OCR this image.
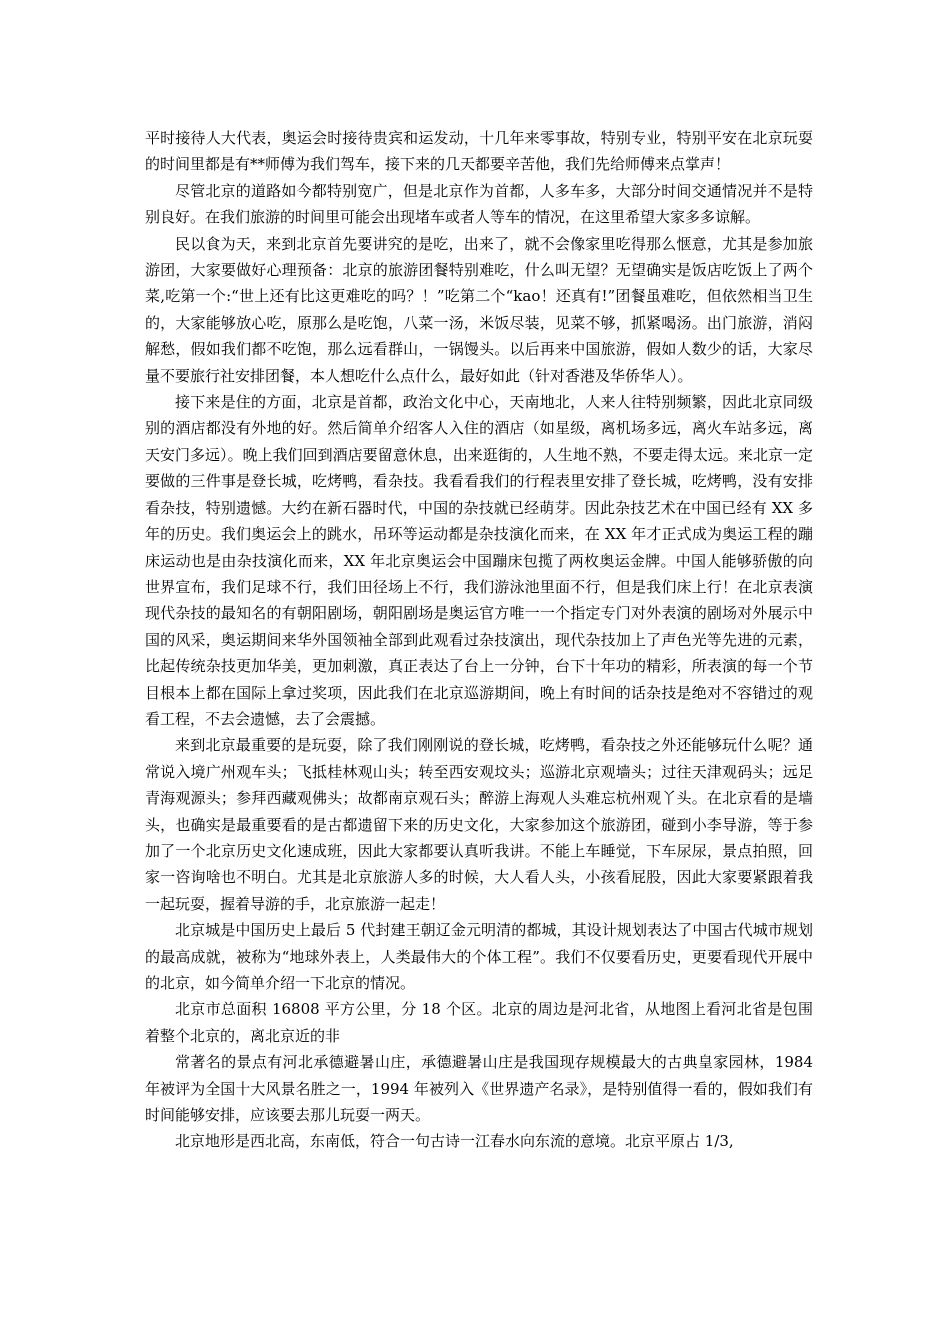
平时接待人大代表，奥运会时接待贵宾和运发动，十几年来零事故，特别专业，特别平安在北京玩耍的时间里都是有**师傅为我们驾车，接下来的几天都要辛苦他，我们先给师傅来点掌声！

尽管北京的道路如今都特别宽广，但是北京作为首都，人多车多，大部分时间交通情况并不是特别良好。在我们旅游的时间里可能会出现堵车或者人等车的情况，在这里希望大家多多谅解。

民以食为天，来到北京首先要讲究的是吃，出来了，就不会像家里吃得那么惬意，尤其是参加旅游团，大家要做好心理预备：北京的旅游团餐特别难吃，什么叫无望？无望确实是饭店吃饭上了两个菜,吃第一个:“世上还有比这更难吃的吗？！”吃第二个“kao！还真有!”团餐虽难吃，但依然相当卫生的，大家能够放心吃，原那么是吃饱，八菜一汤，米饭尽装，见菜不够，抓紧喝汤。出门旅游，消闷解愁，假如我们都不吃饱，那么远看群山，一锅馒头。以后再来中国旅游，假如人数少的话，大家尽量不要旅行社安排团餐，本人想吃什么点什么，最好如此（针对香港及华侨华人）。

接下来是住的方面，北京是首都，政治文化中心，天南地北，人来人往特别频繁，因此北京同级别的酒店都没有外地的好。然后简单介绍客人入住的酒店（如星级，离机场多远，离火车站多远，离天安门多远）。晚上我们回到酒店要留意休息，出来逛街的，人生地不熟，不要走得太远。来北京一定要做的三件事是登长城，吃烤鸭，看杂技。我看看我们的行程表里安排了登长城，吃烤鸭，没有安排看杂技，特别遗憾。大约在新石器时代，中国的杂技就已经萌芽。因此杂技艺术在中国已经有 XX 多年的历史。我们奥运会上的跳水，吊环等运动都是杂技演化而来，在 XX 年才正式成为奥运工程的蹦床运动也是由杂技演化而来，XX 年北京奥运会中国蹦床包揽了两枚奥运金牌。中国人能够骄傲的向世界宣布，我们足球不行，我们田径场上不行，我们游泳池里面不行，但是我们床上行！在北京表演现代杂技的最知名的有朝阳剧场，朝阳剧场是奥运官方唯一一个指定专门对外表演的剧场对外展示中国的风采，奥运期间来华外国领袖全部到此观看过杂技演出，现代杂技加上了声色光等先进的元素，比起传统杂技更加华美，更加刺激，真正表达了台上一分钟，台下十年功的精彩，所表演的每一个节目根本上都在国际上拿过奖项，因此我们在北京巡游期间，晚上有时间的话杂技是绝对不容错过的观看工程，不去会遗憾，去了会震撼。

来到北京最重要的是玩耍，除了我们刚刚说的登长城，吃烤鸭，看杂技之外还能够玩什么呢？通常说入境广州观车头；飞抵桂林观山头；转至西安观坟头；巡游北京观墙头；过往天津观码头；远足青海观源头；参拜西藏观佛头；故都南京观石头；醉游上海观人头难忘杭州观丫头。在北京看的是墙头，也确实是最重要看的是古都遗留下来的历史文化，大家参加这个旅游团，碰到小李导游，等于参加了一个北京历史文化速成班，因此大家都要认真听我讲。不能上车睡觉，下车尿尿，景点拍照，回家一咨询啥也不明白。尤其是北京旅游人多的时候，大人看人头，小孩看屁股，因此大家要紧跟着我一起玩耍，握着导游的手，北京旅游一起走！

北京城是中国历史上最后 5 代封建王朝辽金元明清的都城，其设计规划表达了中国古代城市规划的最高成就，被称为“地球外表上，人类最伟大的个体工程”。我们不仅要看历史，更要看现代开展中的北京，如今简单介绍一下北京的情况。

北京市总面积 16808 平方公里，分 18 个区。北京的周边是河北省，从地图上看河北省是包围着整个北京的，离北京近的非

常著名的景点有河北承德避暑山庄，承德避暑山庄是我国现存规模最大的古典皇家园林，1984 年被评为全国十大风景名胜之一，1994 年被列入《世界遗产名录》，是特别值得一看的，假如我们有时间能够安排，应该要去那儿玩耍一两天。

北京地形是西北高，东南低，符合一句古诗一江春水向东流的意境。北京平原占 1/3,
